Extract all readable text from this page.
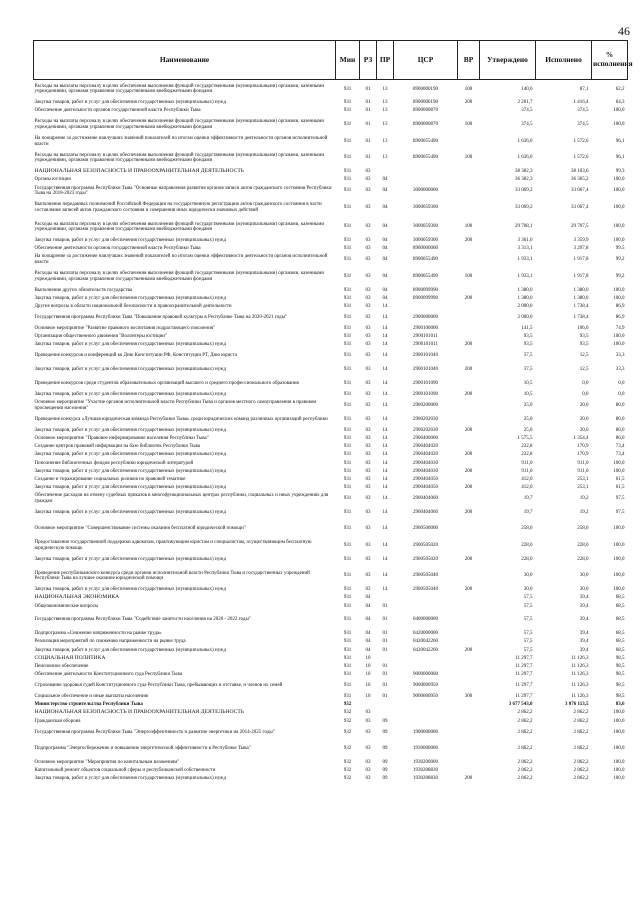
46
Наименование	Мин	РЗ	ПР	ЦСР	ВР	Утверждено	Исполнено	% исполнения
Расходы на выплаты персоналу в целях обеспечения выполнения функций государственными (муниципальными) органами, казенными учреждениями, органами управления государственными внебюджетными фондами	931	01	13	8900000190	100	140,0	87,1	62,2
Закупка товаров, работ и услуг для обеспечения государственных (муниципальных) нужд	931	01	13	8900000190	200	2 201,7	1 416,4	64,3
Обеспечение деятельности органов государственной власти Республики Тыва	931	01	13	8900000870		374,5	374,5	100,0
Расходы на выплаты персоналу в целях обеспечения выполнения функций государственными (муниципальными) органами, казенными учреждениями, органами управления государственными внебюджетными фондами	931	01	13	8900000870	100	374,5	374,5	100,0
На поощрение за достижение наилучших значений показателей по итогам оценки эффективности деятельности органов исполнительной власти	931	01	13	8900055490		1 636,0	1 572,6	96,1
Расходы на выплаты персоналу в целях обеспечения выполнения функций государственными (муниципальными) органами, казенными учреждениями, органами управления государственными внебюджетными фондами	931	01	13	8900055490	100	1 636,0	1 572,6	96,1
НАЦИОНАЛЬНАЯ БЕЗОПАСНОСТЬ И ПРАВООХРАНИТЕЛЬНАЯ ДЕЯТЕЛЬНОСТЬ	931	03				38 382,3	38 103,6	99,3
Органы юстиции	931	03	04			36 382,3	36 365,2	100,0
Государственная программа Республики Тыва "Основные направления развития органов записи актов гражданского состояния Республики Тыва на 2018-2023 годы"	931	03	04	3000000000		33 069,2	33 067,4	100,0
Выполнение переданных полномочий Российской Федерации на государственную регистрацию актов гражданского состояния в части составления записей актов гражданского состояния и совершения иных юридически значимых действий	931	03	04	3000059300		33 069,2	33 067,4	100,0
Расходы на выплаты персоналу в целях обеспечения выполнения функций государственными (муниципальными) органами, казенными учреждениями, органами управления государственными внебюджетными фондами	931	03	04	3000059300	100	29 708,1	29 707,5	100,0
Закупка товаров, работ и услуг для обеспечения государственных (муниципальных) нужд	931	03	04	3000059300	200	3 361,0	3 359,9	100,0
Обеспечение деятельности органов государственной власти Республики Тыва	931	03	04	8900000000		3 313,1	3 297,8	99,5
На поощрение за достижение наилучших значений показателей по итогам оценки эффективности деятельности органов исполнительной власти	931	03	04	8900055490		1 933,1	1 917,8	99,2
Расходы на выплаты персоналу в целях обеспечения выполнения функций государственными (муниципальными) органами, казенными учреждениями, органами управления государственными внебюджетными фондами	931	03	04	8900055490	100	1 933,1	1 917,8	99,2
Выполнение других обязательств государства	931	03	04	8900099990		1 380,0	1 380,0	100,0
Закупка товаров, работ и услуг для обеспечения государственных (муниципальных) нужд	931	03	04	8900099990	200	1 380,0	1 380,0	100,0
Другие вопросы в области национальной безопасности и правоохранительной деятельности	931	03	14			2 000,0	1 738,4	86,9
Государственная программа Республики Тыва "Повышение правовой культуры в Республике Тыва на 2020-2021 годы"	931	03	14	2900000000		2 000,0	1 738,4	86,9
Основное мероприятие "Развитие правового воспитания подрастающего поколения"	931	03	14	2900100000		141,5	106,0	74,9
Организация общественного движения "Волонтеры юстиции"	931	03	14	2900101011		93,5	93,5	100,0
Закупка товаров, работ и услуг для обеспечения государственных (муниципальных) нужд	931	03	14	2900101011	200	93,5	93,5	100,0
Проведение конкурсов и конференций ко Дню Конституции РФ, Конституции РТ, Дню юриста	931	03	14	2900101040		37,5	12,5	33,3
Закупка товаров, работ и услуг для обеспечения государственных (муниципальных) нужд	931	03	14	2900101040	200	37,5	12,5	33,3
Проведение конкурсов среди студентов образовательных организаций высшего и среднего профессионального образования	931	03	14	2900101090		10,5	0,0	0,0
Закупка товаров, работ и услуг для обеспечения государственных (муниципальных) нужд	931	03	14	2900101090	200	10,5	0,0	0,0
Основное мероприятие "Участие органов исполнительной власти Республики Тыва и органов местного самоуправления в правовом просвещении населения"	931	03	14	2900200000		25,0	20,0	80,0
Проведение конкурса «Лучшая юридическая команда Республики Тыва» среди юридических команд различных организаций республики	931	03	14	2900202030		25,0	20,0	80,0
Закупка товаров, работ и услуг для обеспечения государственных (муниципальных) нужд	931	03	14	2900202030	200	25,0	20,0	80,0
Основное мероприятие "Правовое информирование населения Республики Тыва"	931	03	14	2900400000		1 575,5	1 354,4	86,0
Создание центров правовой информации на базе библиотек Республики Тыва	931	03	14	2900404020		232,8	170,9	73,4
Закупка товаров, работ и услуг для обеспечения государственных (муниципальных) нужд	931	03	14	2900404020	200	232,8	170,9	73,4
Пополнение библиотечных фондов республики юридической литературой	931	03	14	2900404030		911,0	911,0	100,0
Закупка товаров, работ и услуг для обеспечения государственных (муниципальных) нужд	931	03	14	2900404030	200	911,0	911,0	100,0
Создание и тиражирование социальных роликов по правовой тематике	931	03	14	2900404050		412,0	253,1	61,5
Закупка товаров, работ и услуг для обеспечения государственных (муниципальных) нужд	931	03	14	2900404050	200	412,0	253,1	61,5
Обеспечение расходов на отмену судебных приказов в многофункциональных центрах республики, социальных и иных учреждениях для граждан	931	03	14	2900404060		19,7	19,2	97,5
Закупка товаров, работ и услуг для обеспечения государственных (муниципальных) нужд	931	03	14	2900404060	200	19,7	19,2	97,5
Основное мероприятие "Совершенствование системы оказания бесплатной юридической помощи"	931	03	14	2900500000		258,0	258,0	100,0
Предоставление государственной поддержки адвокатам, практикующим юристам и специалистам, осуществляющим бесплатную юридическую помощь	931	03	14	2900505020		228,0	228,0	100,0
Закупка товаров, работ и услуг для обеспечения государственных (муниципальных) нужд	931	03	14	2900505020	200	228,0	228,0	100,0
Проведение республиканского конкурса среди органов исполнительной власти Республики Тыва и государственных учреждений Республики Тыва на лучшее оказание юридической помощи	931	03	14	2900505040		30,0	30,0	100,0
Закупка товаров, работ и услуг для обеспечения государственных (муниципальных) нужд	931	03	14	2900505040	200	30,0	30,0	100,0
НАЦИОНАЛЬНАЯ ЭКОНОМИКА	931	04				57,5	39,4	68,5
Общеэкономические вопросы	931	04	01			57,5	39,4	68,5
Государственная программа Республики Тыва "Содействие занятости населения на 2020 - 2022 годы"	931	04	01	0400000000		57,5	39,4	68,5
Подпрограмма «Снижение напряженности на рынке труда»	931	04	01	0420000000		57,5	39,4	68,5
Реализация мероприятий по снижению напряженности на рынке труда	931	04	01	0420042260		57,5	39,4	68,5
Закупка товаров, работ и услуг для обеспечения государственных (муниципальных) нужд	931	04	01	0420042260	200	57,5	39,4	68,5
СОЦИАЛЬНАЯ ПОЛИТИКА	931	10				11 297,7	11 126,3	98,5
Пенсионное обеспечение	931	10	01			11 297,7	11 126,3	98,5
Обеспечение деятельности Конституционного суда Республики Тыва	931	10	01	9000000000		11 297,7	11 126,3	98,5
Страхование здоровья судей Конституционного суда Республики Тыва, пребывающих в отставке, и членов их семей	931	10	01	9000000950		11 297,7	11 126,3	98,5
Социальное обеспечение и иные выплаты населению	931	10	01	9000000950	300	11 297,7	11 126,3	98,5
Министерство строительства Республики Тыва	932					3 677 543,0	3 076 113,5	83,6
НАЦИОНАЛЬНАЯ БЕЗОПАСНОСТЬ И ПРАВООХРАНИТЕЛЬНАЯ ДЕЯТЕЛЬНОСТЬ	932	03				2 862,2	2 862,2	100,0
Гражданская оборона	932	03	09			2 862,2	2 862,2	100,0
Государственная программа Республики Тыва "Энергоэффективность и развитие энергетики на 2014-2025 годы"	932	03	09	1900000000		2 862,2	2 862,2	100,0
Подпрограмма "Энергосбережение и повышение энергетической эффективности в Республике Тыва"	932	03	09	1930000000		2 862,2	2 862,2	100,0
Основное мероприятие "Мероприятия по капитальным вложениям"	932	03	09	1930200000		2 862,2	2 862,2	100,0
Капитальный ремонт объектов социальной сферы и республиканской собственности	932	03	09	1930208830		2 862,2	2 862,2	100,0
Закупка товаров, работ и услуг для обеспечения государственных (муниципальных) нужд	932	03	09	1930208830	200	2 862,2	2 862,2	100,0
